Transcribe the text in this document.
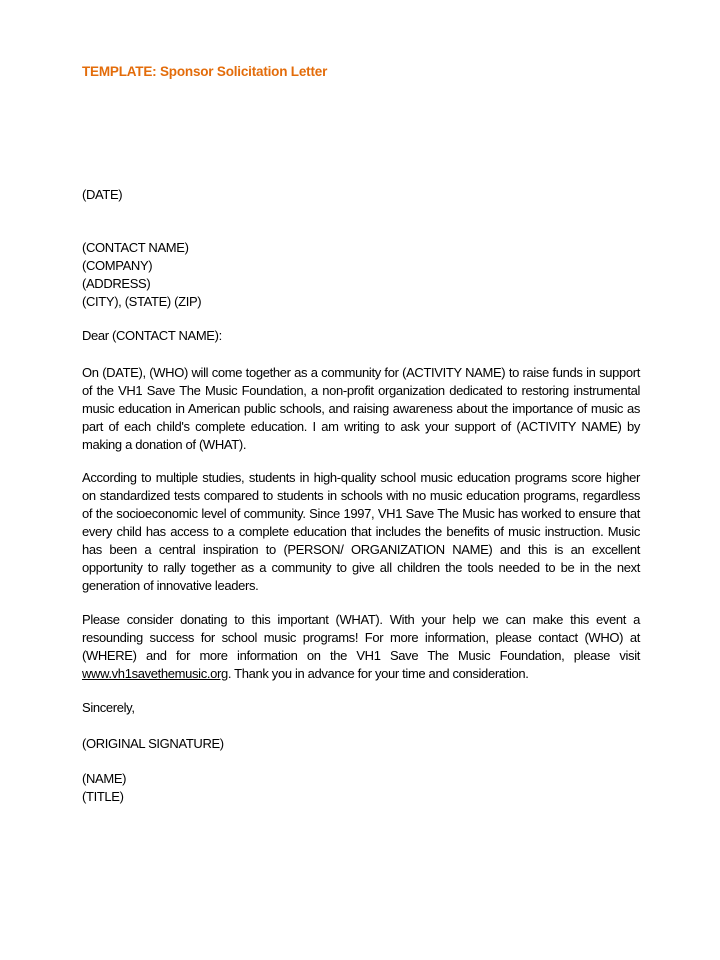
TEMPLATE: Sponsor Solicitation Letter

(DATE)

(CONTACT NAME)

(COMPANY)

(ADDRESS)

(CITY), (STATE) (ZIP)

Dear (CONTACT NAME):

On (DATE), (WHO) will come together as a community for (ACTIVITY NAME) to raise funds in support of the VH1 Save The Music Foundation, a non-profit organization dedicated to restoring instrumental music education in American public schools, and raising awareness about the importance of music as part of each child's complete education. I am writing to ask your support of (ACTIVITY NAME) by making a donation of (WHAT).

According to multiple studies, students in high-quality school music education programs score higher on standardized tests compared to students in schools with no music education programs, regardless of the socioeconomic level of community. Since 1997, VH1 Save The Music has worked to ensure that every child has access to a complete education that includes the benefits of music instruction. Music has been a central inspiration to (PERSON/ ORGANIZATION NAME) and this is an excellent opportunity to rally together as a community to give all children the tools needed to be in the next generation of innovative leaders.

Please consider donating to this important (WHAT). With your help we can make this event a resounding success for school music programs! For more information, please contact (WHO) at (WHERE) and for more information on the VH1 Save The Music Foundation, please visit www.vh1savethemusic.org. Thank you in advance for your time and consideration.

Sincerely,

(ORIGINAL SIGNATURE)

(NAME)

(TITLE)
